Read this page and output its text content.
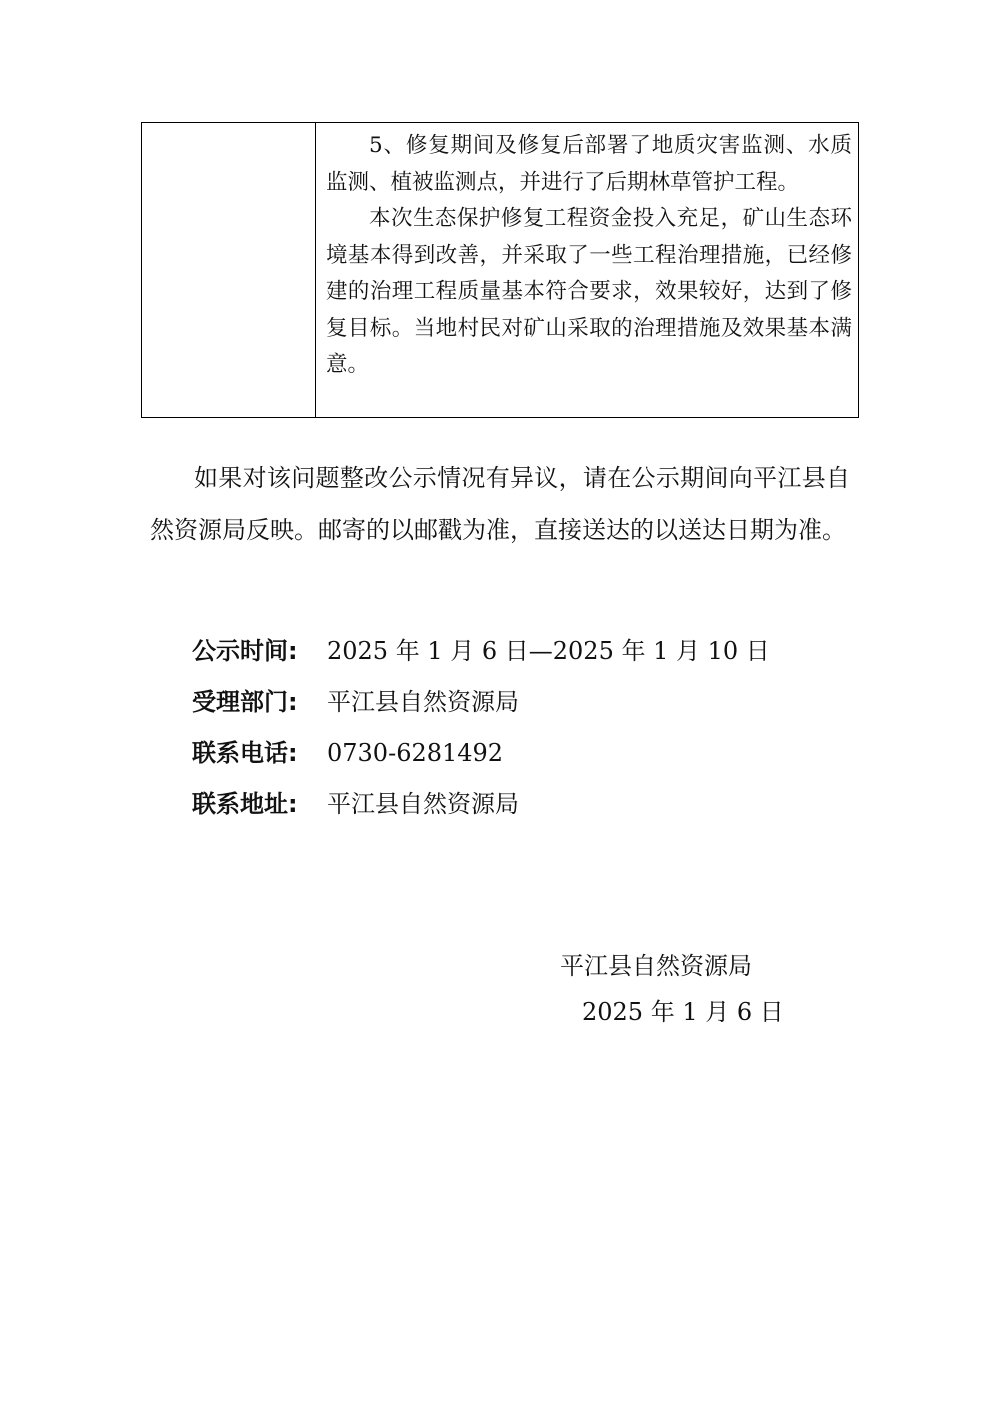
5、修复期间及修复后部署了地质灾害监测、水质监测、植被监测点，并进行了后期林草管护工程。

本次生态保护修复工程资金投入充足，矿山生态环境基本得到改善，并采取了一些工程治理措施，已经修建的治理工程质量基本符合要求，效果较好，达到了修复目标。当地村民对矿山采取的治理措施及效果基本满意。

如果对该问题整改公示情况有异议，请在公示期间向平江县自然资源局反映。邮寄的以邮戳为准，直接送达的以送达日期为准。

公示时间: 2025 年 1 月 6 日—2025 年 1 月 10 日
受理部门: 平江县自然资源局
联系电话: 0730-6281492
联系地址: 平江县自然资源局
平江县自然资源局
2025 年 1 月 6 日
